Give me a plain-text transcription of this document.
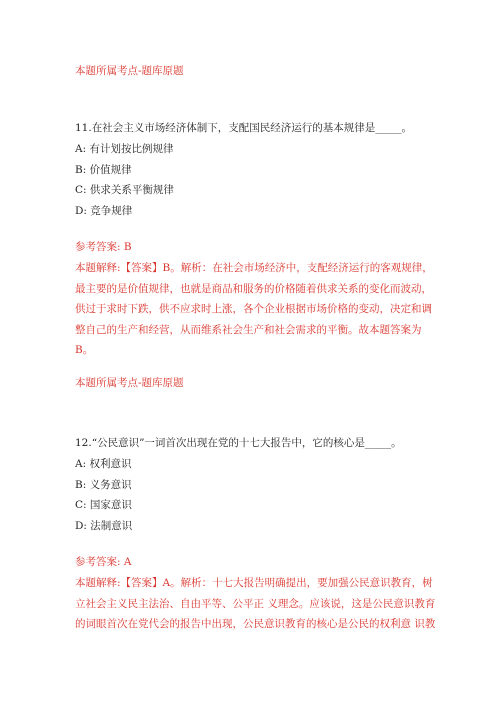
本题所属考点-题库原题
11.在社会主义市场经济体制下，支配国民经济运行的基本规律是_____。
A: 有计划按比例规律
B: 价值规律
C: 供求关系平衡规律
D: 竞争规律
参考答案: B
本题解释:【答案】B。解析：在社会市场经济中，支配经济运行的客观规律，
最主要的是价值规律，也就是商品和服务的价格随着供求关系的变化而波动，
供过于求时下跌，供不应求时上涨，各个企业根据市场价格的变动，决定和调
整自己的生产和经营，从而维系社会生产和社会需求的平衡。故本题答案为
B。
本题所属考点-题库原题
12.“公民意识”一词首次出现在党的十七大报告中，它的核心是_____。
A: 权利意识
B: 义务意识
C: 国家意识
D: 法制意识
参考答案: A
本题解释:【答案】A。解析：十七大报告明确提出，要加强公民意识教育，树
立社会主义民主法治、自由平等、公平正 义理念。应该说，这是公民意识教育
的词眼首次在党代会的报告中出现，公民意识教育的核心是公民的权利意 识教
